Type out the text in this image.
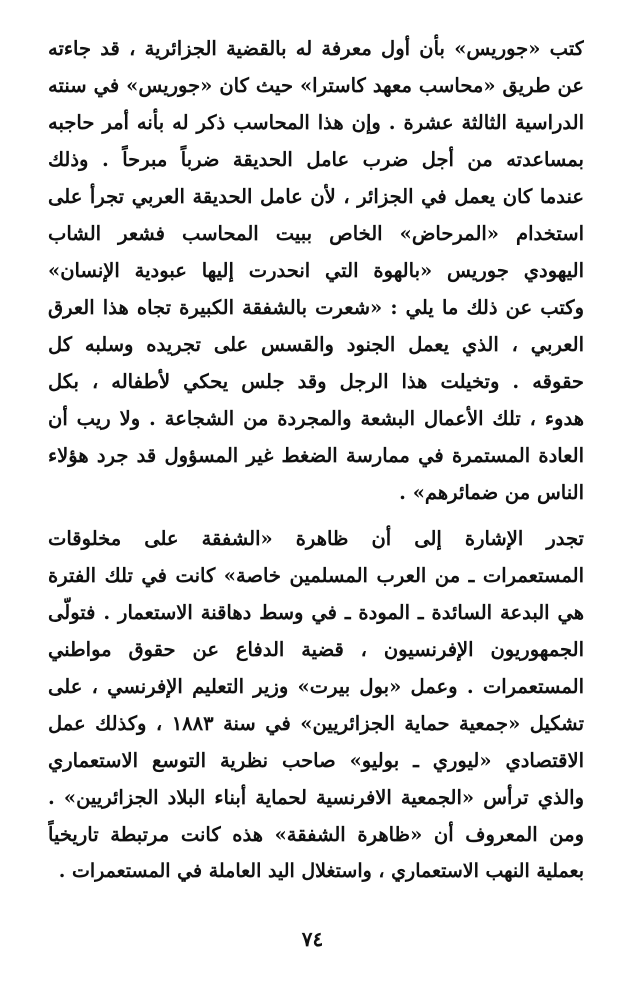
كتب «جوريس» بأن أول معرفة له بالقضية الجزائرية ، قد جاءته
عن طريق «محاسب معهد كاسترا» حيث كان «جوريس» في سنته
الدراسية الثالثة عشرة . وإن هذا المحاسب ذكر له بأنه أمر حاجبه
بمساعدته من أجل ضرب عامل الحديقة ضرباً مبرحاً . وذلك
عندما كان يعمل في الجزائر ، لأن عامل الحديقة العربي تجرأ على
استخدام «المرحاض» الخاص ببيت المحاسب فشعر الشاب
اليهودي جوريس «بالهوة التي انحدرت إليها عبودية الإنسان»
وكتب عن ذلك ما يلي : «شعرت بالشفقة الكبيرة تجاه هذا العرق
العربي ، الذي يعمل الجنود والقسس على تجريده وسلبه كل
حقوقه . وتخيلت هذا الرجل وقد جلس يحكي لأطفاله ، بكل
هدوء ، تلك الأعمال البشعة والمجردة من الشجاعة . ولا ريب أن
العادة المستمرة في ممارسة الضغط غير المسؤول قد جرد هؤلاء
الناس من ضمائرهم» .
تجدر الإشارة إلى أن ظاهرة «الشفقة على مخلوقات
المستعمرات ـ من العرب المسلمين خاصة» كانت في تلك الفترة
هي البدعة السائدة ـ المودة ـ في وسط دهاقنة الاستعمار . فتولّى
الجمهوريون الإفرنسيون ، قضية الدفاع عن حقوق مواطني
المستعمرات . وعمل «بول بيرت» وزير التعليم الإفرنسي ، على
تشكيل «جمعية حماية الجزائريين» في سنة ١٨٨٣ ، وكذلك عمل
الاقتصادي «ليوري ـ بوليو» صاحب نظرية التوسع الاستعماري
والذي ترأس «الجمعية الافرنسية لحماية أبناء البلاد الجزائريين» .
ومن المعروف أن «ظاهرة الشفقة» هذه كانت مرتبطة تاريخياً
بعملية النهب الاستعماري ، واستغلال اليد العاملة في المستعمرات .
٧٤
